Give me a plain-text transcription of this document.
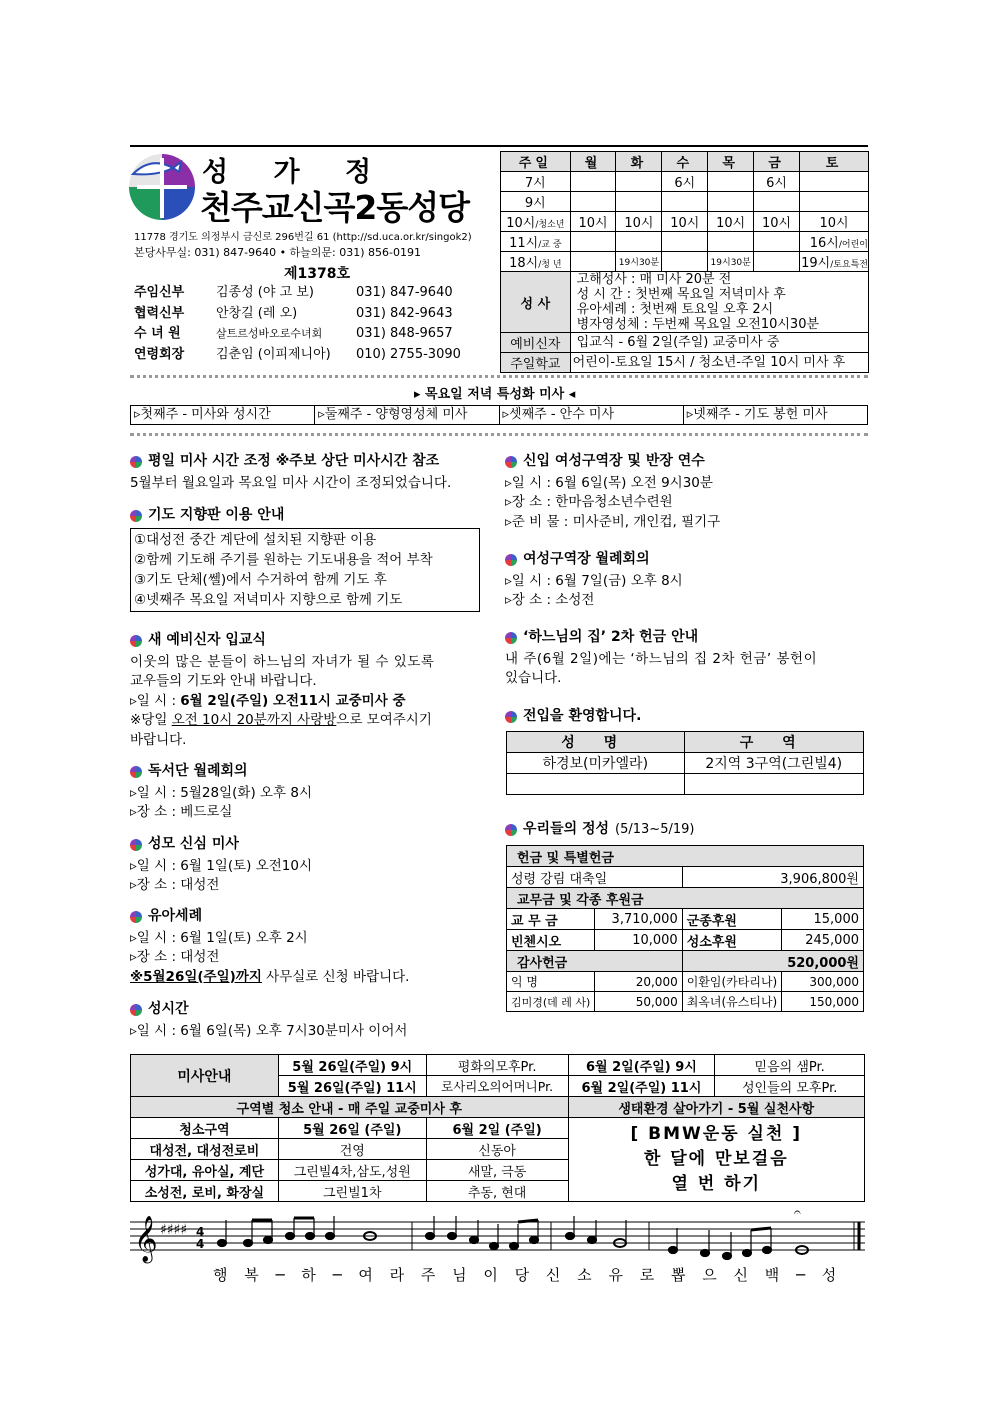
성 가 정
천주교신곡2동성당
11778 경기도 의정부시 금신로 296번길 61 (http://sd.uca.or.kr/singok2)
본당사무실: 031) 847-9640 • 하늘의문: 031) 856-0191
제1378호
주임신부	김종성 (야 고 보)	031) 847-9640
협력신부	안창길 (레 오)	031) 842-9643
수 녀 원	살트르성바오로수녀회	031) 848-9657
연령회장	김춘임 (이피제니아)	010) 2755-3090
주일	월	화	수	목	금	토
7시			6시		6시	
9시						
10시/청소년	10시	10시	10시	10시	10시	10시
11시/교 중						16시/어린이
18시/청 년		19시30분		19시30분		19시/토요특전
성 사	고해성사 : 매 미사 20분 전
성 시 간 : 첫번째 목요일 저녁미사 후
유아세례 : 첫번째 토요일 오후 2시
병자영성체 : 두번째 목요일 오전10시30분					

예비신자	입교식 - 6월 2일(주일) 교중미사 중					
주일학교	어린이-토요일 15시 / 청소년-주일 10시 미사 후					
▸ 목요일 저녁 특성화 미사 ◂
▹첫째주 - 미사와 성시간	▹둘째주 - 양형영성체 미사	▹셋째주 - 안수 미사	▹넷째주 - 기도 봉헌 미사
평일 미사 시간 조정 ※주보 상단 미사시간 참조
5월부터 월요일과 목요일 미사 시간이 조정되었습니다.
기도 지향판 이용 안내
①대성전 중간 계단에 설치된 지향판 이용
②함께 기도해 주기를 원하는 기도내용을 적어 부착
③기도 단체(쎌)에서 수거하여 함께 기도 후
④넷째주 목요일 저녁미사 지향으로 함께 기도
새 예비신자 입교식
이웃의 많은 분들이 하느님의 자녀가 될 수 있도록
교우들의 기도와 안내 바랍니다.
▹일 시 : 6월 2일(주일) 오전11시 교중미사 중
※당일 오전 10시 20분까지 사랑방으로 모여주시기
바랍니다.
독서단 월례회의
▹일 시 : 5월28일(화) 오후 8시
▹장 소 : 베드로실
성모 신심 미사
▹일 시 : 6월 1일(토) 오전10시
▹장 소 : 대성전
유아세례
▹일 시 : 6월 1일(토) 오후 2시
▹장 소 : 대성전
※5월26일(주일)까지 사무실로 신청 바랍니다.
성시간
▹일 시 : 6월 6일(목) 오후 7시30분미사 이어서
신입 여성구역장 및 반장 연수
▹일 시 : 6월 6일(목) 오전 9시30분
▹장 소 : 한마음청소년수련원
▹준 비 물 : 미사준비, 개인컵, 필기구
여성구역장 월례회의
▹일 시 : 6월 7일(금) 오후 8시
▹장 소 : 소성전
‘하느님의 집’ 2차 헌금 안내
내 주(6월 2일)에는 ‘하느님의 집 2차 헌금’ 봉헌이
있습니다.
전입을 환영합니다.
성 명	구 역
하경보(미카엘라)	2지역 3구역(그린빌4)

우리들의 정성 (5/13~5/19)
헌금 및 특별헌금			
성령 강림 대축일		3,906,800원	
교무금 및 각종 후원금			
교 무 금	3,710,000	군종후원	15,000
빈첸시오	10,000	성소후원	245,000
감사헌금		520,000원	
익 명	20,000	이환임(카타리나)	300,000
김미경(데 레 사)	50,000	최옥녀(유스티나)	150,000
미사안내	5월 26일(주일) 9시	평화의모후Pr.	6월 2일(주일) 9시	믿음의 샘Pr.
	5월 26일(주일) 11시	로사리오의어머니Pr.	6월 2일(주일) 11시	성인들의 모후Pr.
구역별 청소 안내 - 매 주일 교중미사 후			생태환경 살아가기 - 5월 실천사항	
청소구역	5월 26일 (주일)	6월 2일 (주일)	[ BMW운동 실천 ]
한 달에 만보걸음
열 번 하기	

대성전, 대성전로비	건영	신동아		
성가대, 유아실, 계단	그린빌4차,삼도,성원	새말, 극동		
소성전, 로비, 화장실	그린빌1차	추동, 현대		
𝄞 ♯♯♯♯ 4
4
𝄐
행 복 ─ 하 ─ 여 라 주 님 이 당 신 소 유 로 뽑 으 신 백 ─ 성
